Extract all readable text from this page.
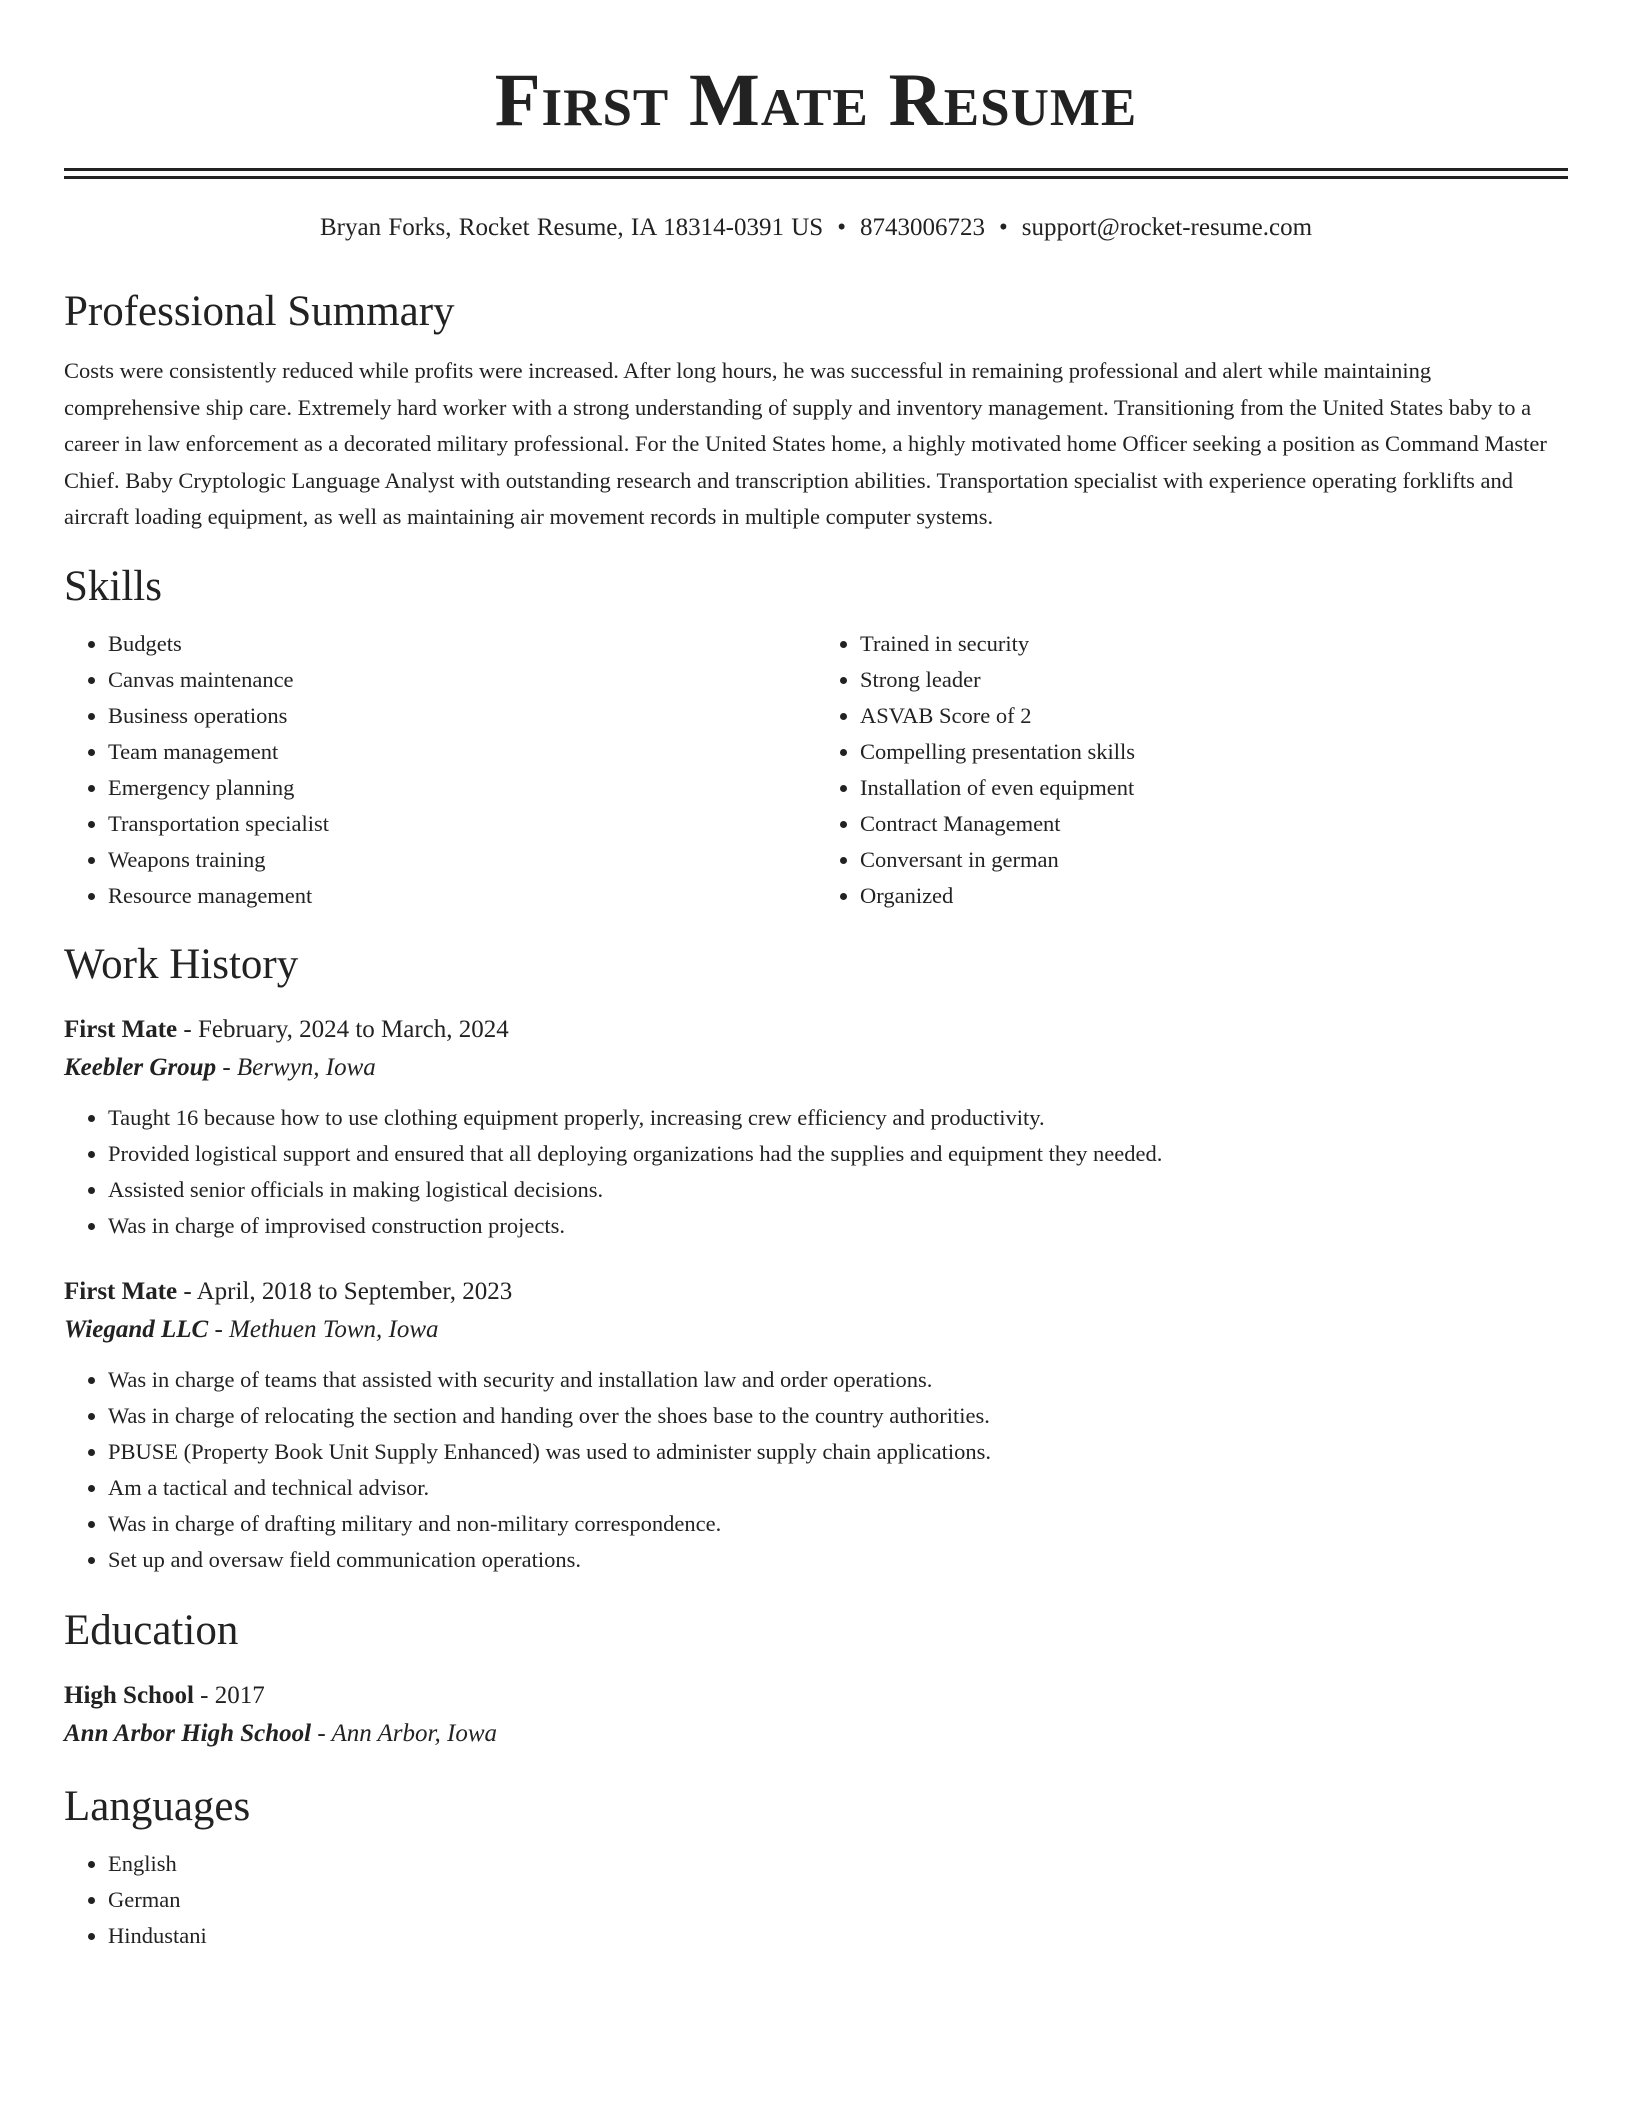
First Mate Resume
Bryan Forks, Rocket Resume, IA 18314-0391 US • 8743006723 • support@rocket-resume.com
Professional Summary

Costs were consistently reduced while profits were increased. After long hours, he was successful in remaining professional and alert while maintaining comprehensive ship care. Extremely hard worker with a strong understanding of supply and inventory management. Transitioning from the United States baby to a career in law enforcement as a decorated military professional. For the United States home, a highly motivated home Officer seeking a position as Command Master Chief. Baby Cryptologic Language Analyst with outstanding research and transcription abilities. Transportation specialist with experience operating forklifts and aircraft loading equipment, as well as maintaining air movement records in multiple computer systems.

Skills
• Budgets
• Canvas maintenance
• Business operations
• Team management
• Emergency planning
• Transportation specialist
• Weapons training
• Resource management
• Trained in security
• Strong leader
• ASVAB Score of 2
• Compelling presentation skills
• Installation of even equipment
• Contract Management
• Conversant in german
• Organized
Work History
First Mate - February, 2024 to March, 2024
Keebler Group - Berwyn, Iowa
• Taught 16 because how to use clothing equipment properly, increasing crew efficiency and productivity.
• Provided logistical support and ensured that all deploying organizations had the supplies and equipment they needed.
• Assisted senior officials in making logistical decisions.
• Was in charge of improvised construction projects.
First Mate - April, 2018 to September, 2023
Wiegand LLC - Methuen Town, Iowa
• Was in charge of teams that assisted with security and installation law and order operations.
• Was in charge of relocating the section and handing over the shoes base to the country authorities.
• PBUSE (Property Book Unit Supply Enhanced) was used to administer supply chain applications.
• Am a tactical and technical advisor.
• Was in charge of drafting military and non-military correspondence.
• Set up and oversaw field communication operations.
Education
High School - 2017
Ann Arbor High School - Ann Arbor, Iowa
Languages
• English
• German
• Hindustani
